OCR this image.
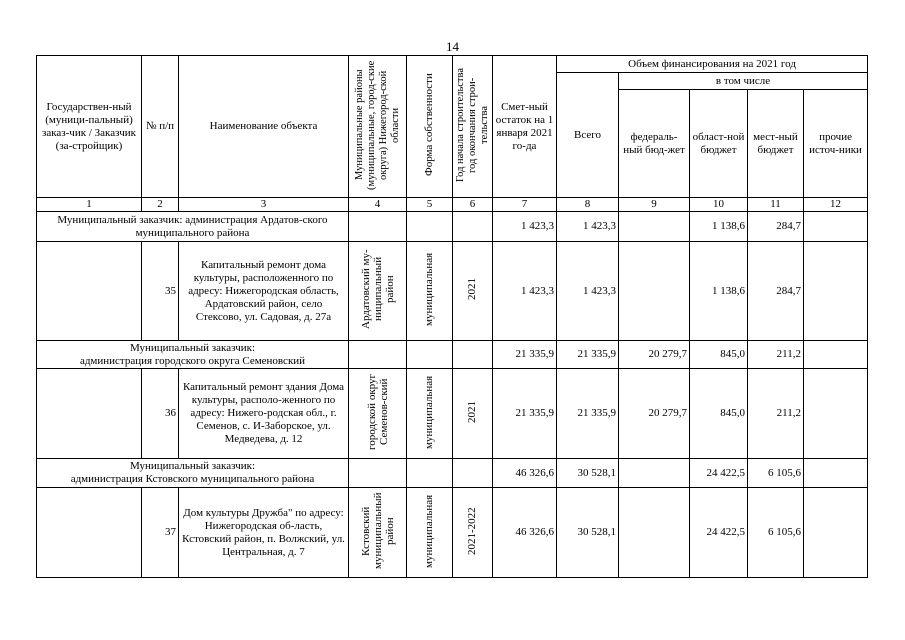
14
Государствен-ный (муници-пальный) заказ-чик / Заказчик (за-стройщик)	№ п/п	Наименование объекта	Муниципальные районы (муниципальные, город-ские округа) Нижегород-ской области	Форма собственности	Год начала строительства год окончания строи-тельства	Смет-ный остаток на 1 января 2021 го-да	Объем финансирования на 2021 год				
							Всего	в том числе			
								федераль-ный бюд-жет	област-ной бюджет	мест-ный бюджет	прочие источ-ники
1	2	3	4	5	6	7	8	9	10	11	12
Муниципальный заказчик: администрация Ардатов-ского муниципального района						1 423,3	1 423,3		1 138,6	284,7	
	35	Капитальный ремонт дома культуры, расположенного по адресу: Нижегородская область, Ардатовский район, село Стексово, ул. Садовая, д. 27а	Ардатовский му-ниципальный район	муниципальная	2021	1 423,3	1 423,3		1 138,6	284,7	

Муниципальный заказчик:
администрация городского округа Семеновский						21 335,9	21 335,9	20 279,7	845,0	211,2	
	36	Капитальный ремонт здания Дома культуры, располо-женного по адресу: Нижего-родская обл., г. Семенов, с. И-Заборское, ул. Медведева, д. 12	городской округ Семенов-ский	муниципальная	2021	21 335,9	21 335,9	20 279,7	845,0	211,2	

Муниципальный заказчик:
администрация Кстовского муниципального района						46 326,6	30 528,1		24 422,5	6 105,6	
	37	Дом культуры Дружба" по адресу: Нижегородская об-ласть, Кстовский район, п. Волжский, ул. Центральная, д. 7	Кстовский муниципальный район	муниципальная	2021-2022	46 326,6	30 528,1		24 422,5	6 105,6	
